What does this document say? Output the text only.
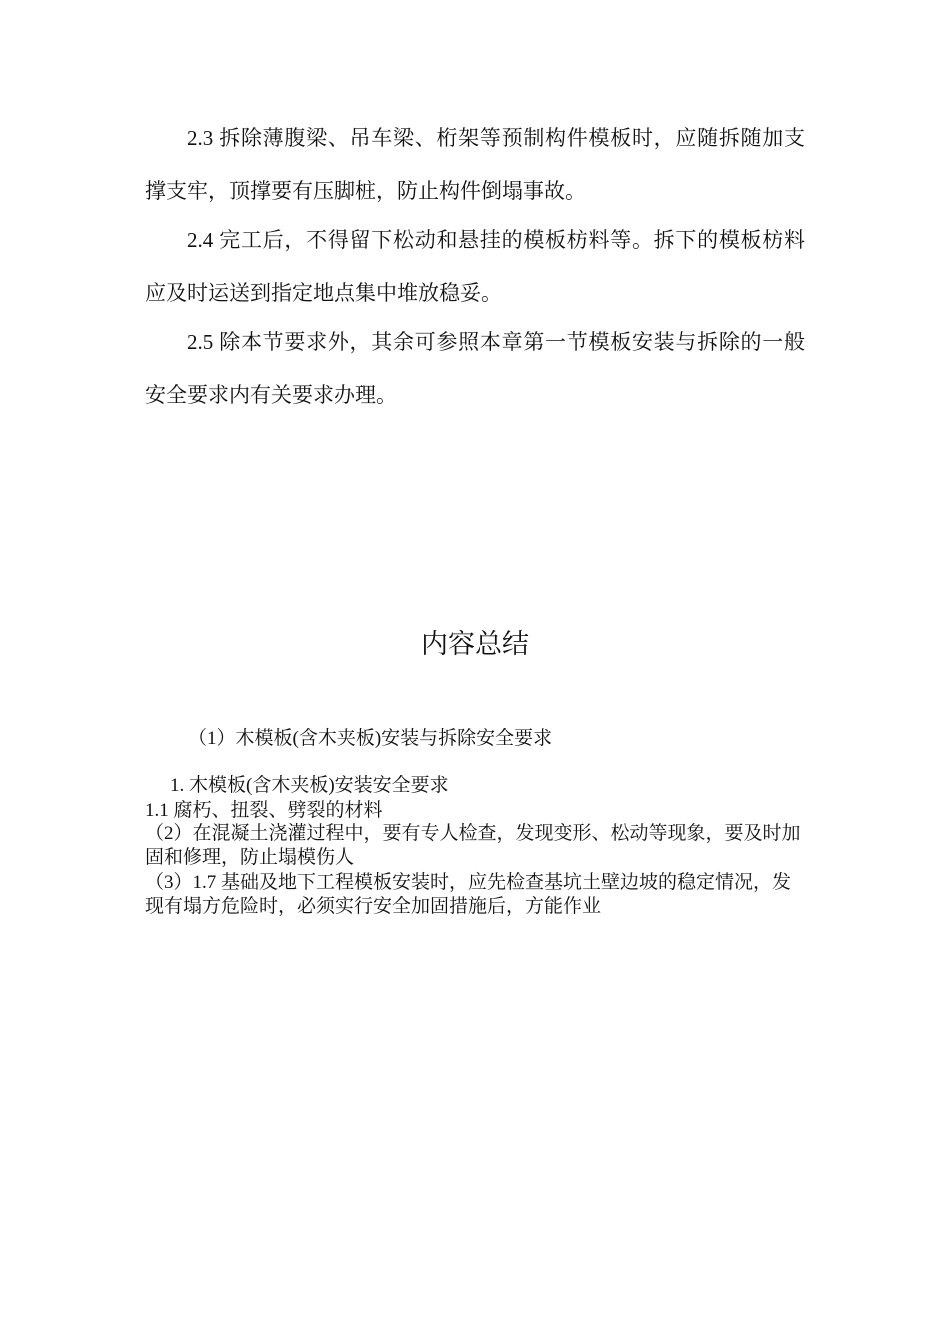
2.3 拆除薄腹梁、吊车梁、桁架等预制构件模板时，应随拆随加支撑支牢，顶撑要有压脚桩，防止构件倒塌事故。

2.4 完工后，不得留下松动和悬挂的模板枋料等。拆下的模板枋料应及时运送到指定地点集中堆放稳妥。

2.5 除本节要求外，其余可参照本章第一节模板安装与拆除的一般安全要求内有关要求办理。

内容总结

（1）木模板(含木夹板)安装与拆除安全要求

1. 木模板(含木夹板)安装安全要求

1.1 腐朽、扭裂、劈裂的材料

（2）在混凝土浇灌过程中，要有专人检查，发现变形、松动等现象，要及时加固和修理，防止塌模伤人

（3）1.7 基础及地下工程模板安装时，应先检查基坑土壁边坡的稳定情况，发现有塌方危险时，必须实行安全加固措施后，方能作业
